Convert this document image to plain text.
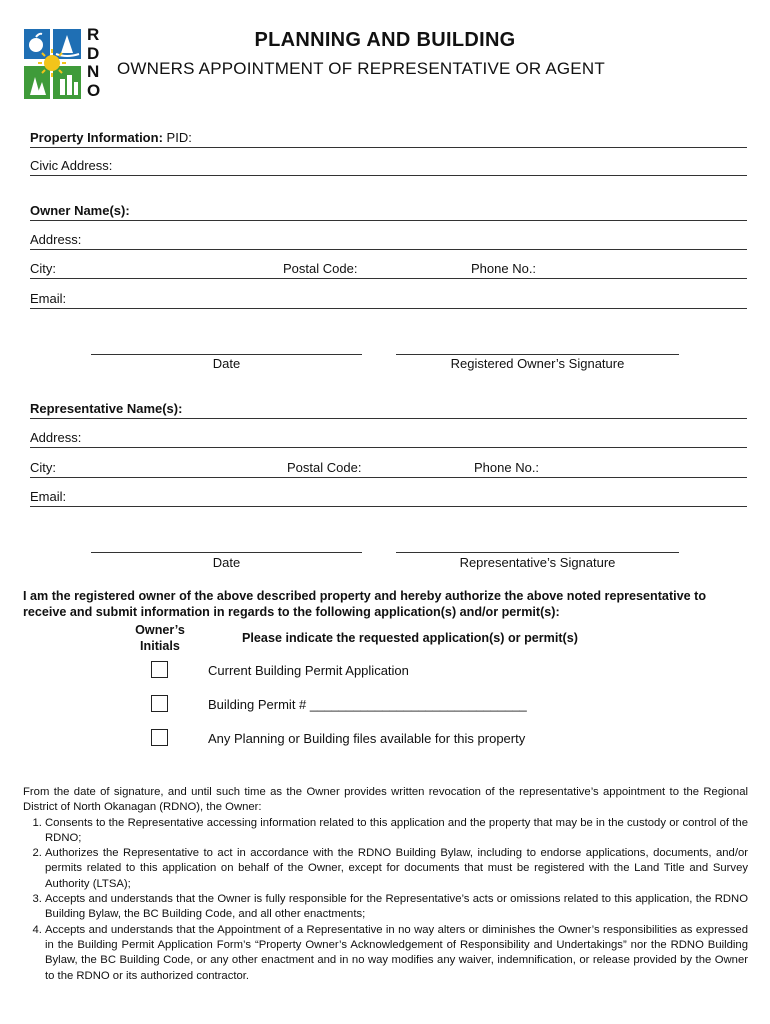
R
D
N
O
PLANNING AND BUILDING
OWNERS APPOINTMENT OF REPRESENTATIVE OR AGENT
Property Information: PID:
Civic Address:
Owner Name(s):
Address:
City:	Postal Code:	Phone No.:
Email:
Date	Registered Owner’s Signature
Representative Name(s):
Address:
City:	Postal Code:	Phone No.:
Email:
Date	Representative’s Signature
I am the registered owner of the above described property and hereby authorize the above noted representative to receive and submit information in regards to the following application(s) and/or permit(s):
Owner’s
Initials
Please indicate the requested application(s) or permit(s)
Current Building Permit Application
Building Permit # ______________________________
Any Planning or Building files available for this property
From the date of signature, and until such time as the Owner provides written revocation of the representative’s appointment to the Regional District of North Okanagan (RDNO), the Owner:
1. Consents to the Representative accessing information related to this application and the property that may be in the custody or control of the RDNO;
2. Authorizes the Representative to act in accordance with the RDNO Building Bylaw, including to endorse applications, documents, and/or permits related to this application on behalf of the Owner, except for documents that must be registered with the Land Title and Survey Authority (LTSA);
3. Accepts and understands that the Owner is fully responsible for the Representative’s acts or omissions related to this application, the RDNO Building Bylaw, the BC Building Code, and all other enactments;
4. Accepts and understands that the Appointment of a Representative in no way alters or diminishes the Owner’s responsibilities as expressed in the Building Permit Application Form’s “Property Owner’s Acknowledgement of Responsibility and Undertakings” nor the RDNO Building Bylaw, the BC Building Code, or any other enactment and in no way modifies any waiver, indemnification, or release provided by the Owner to the RDNO or its authorized contractor.
